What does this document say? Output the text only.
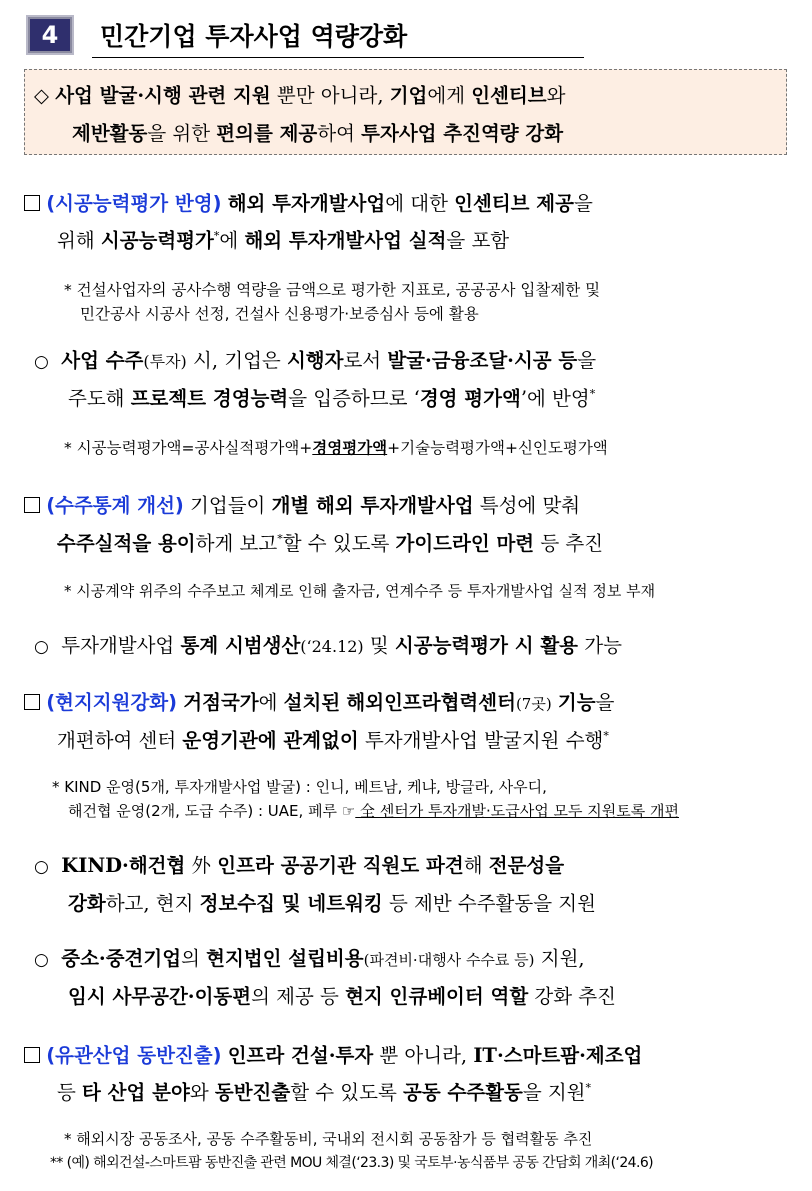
4	민간기업 투자사업 역량강화
◇ 사업 발굴·시행 관련 지원 뿐만 아니라, 기업에게 인센티브와
제반활동을 위한 편의를 제공하여 투자사업 추진역량 강화
(시공능력평가 반영) 해외 투자개발사업에 대한 인센티브 제공을
위해 시공능력평가*에 해외 투자개발사업 실적을 포함
* 건설사업자의 공사수행 역량을 금액으로 평가한 지표로, 공공공사 입찰제한 및
민간공사 시공사 선정, 건설사 신용평가·보증심사 등에 활용
○ 사업 수주(투자) 시, 기업은 시행자로서 발굴·금융조달·시공 등을
주도해 프로젝트 경영능력을 입증하므로 ‘경영 평가액’에 반영*
* 시공능력평가액=공사실적평가액+경영평가액+기술능력평가액+신인도평가액
(수주통계 개선) 기업들이 개별 해외 투자개발사업 특성에 맞춰
수주실적을 용이하게 보고*할 수 있도록 가이드라인 마련 등 추진
* 시공계약 위주의 수주보고 체계로 인해 출자금, 연계수주 등 투자개발사업 실적 정보 부재
○ 투자개발사업 통계 시범생산(‘24.12) 및 시공능력평가 시 활용 가능
(현지지원강화) 거점국가에 설치된 해외인프라협력센터(7곳) 기능을
개편하여 센터 운영기관에 관계없이 투자개발사업 발굴지원 수행*
* KIND 운영(5개, 투자개발사업 발굴) : 인니, 베트남, 케냐, 방글라, 사우디,
해건협 운영(2개, 도급 수주) : UAE, 페루 ☞ 全 센터가 투자개발·도급사업 모두 지원토록 개편
○ KIND·해건협 外 인프라 공공기관 직원도 파견해 전문성을
강화하고, 현지 정보수집 및 네트워킹 등 제반 수주활동을 지원
○ 중소·중견기업의 현지법인 설립비용(파견비·대행사 수수료 등) 지원,
임시 사무공간·이동편의 제공 등 현지 인큐베이터 역할 강화 추진
(유관산업 동반진출) 인프라 건설·투자 뿐 아니라, IT·스마트팜·제조업
등 타 산업 분야와 동반진출할 수 있도록 공동 수주활동을 지원*
* 해외시장 공동조사, 공동 수주활동비, 국내외 전시회 공동참가 등 협력활동 추진
** (예) 해외건설-스마트팜 동반진출 관련 MOU 체결(‘23.3) 및 국토부·농식품부 공동 간담회 개최(‘24.6)
